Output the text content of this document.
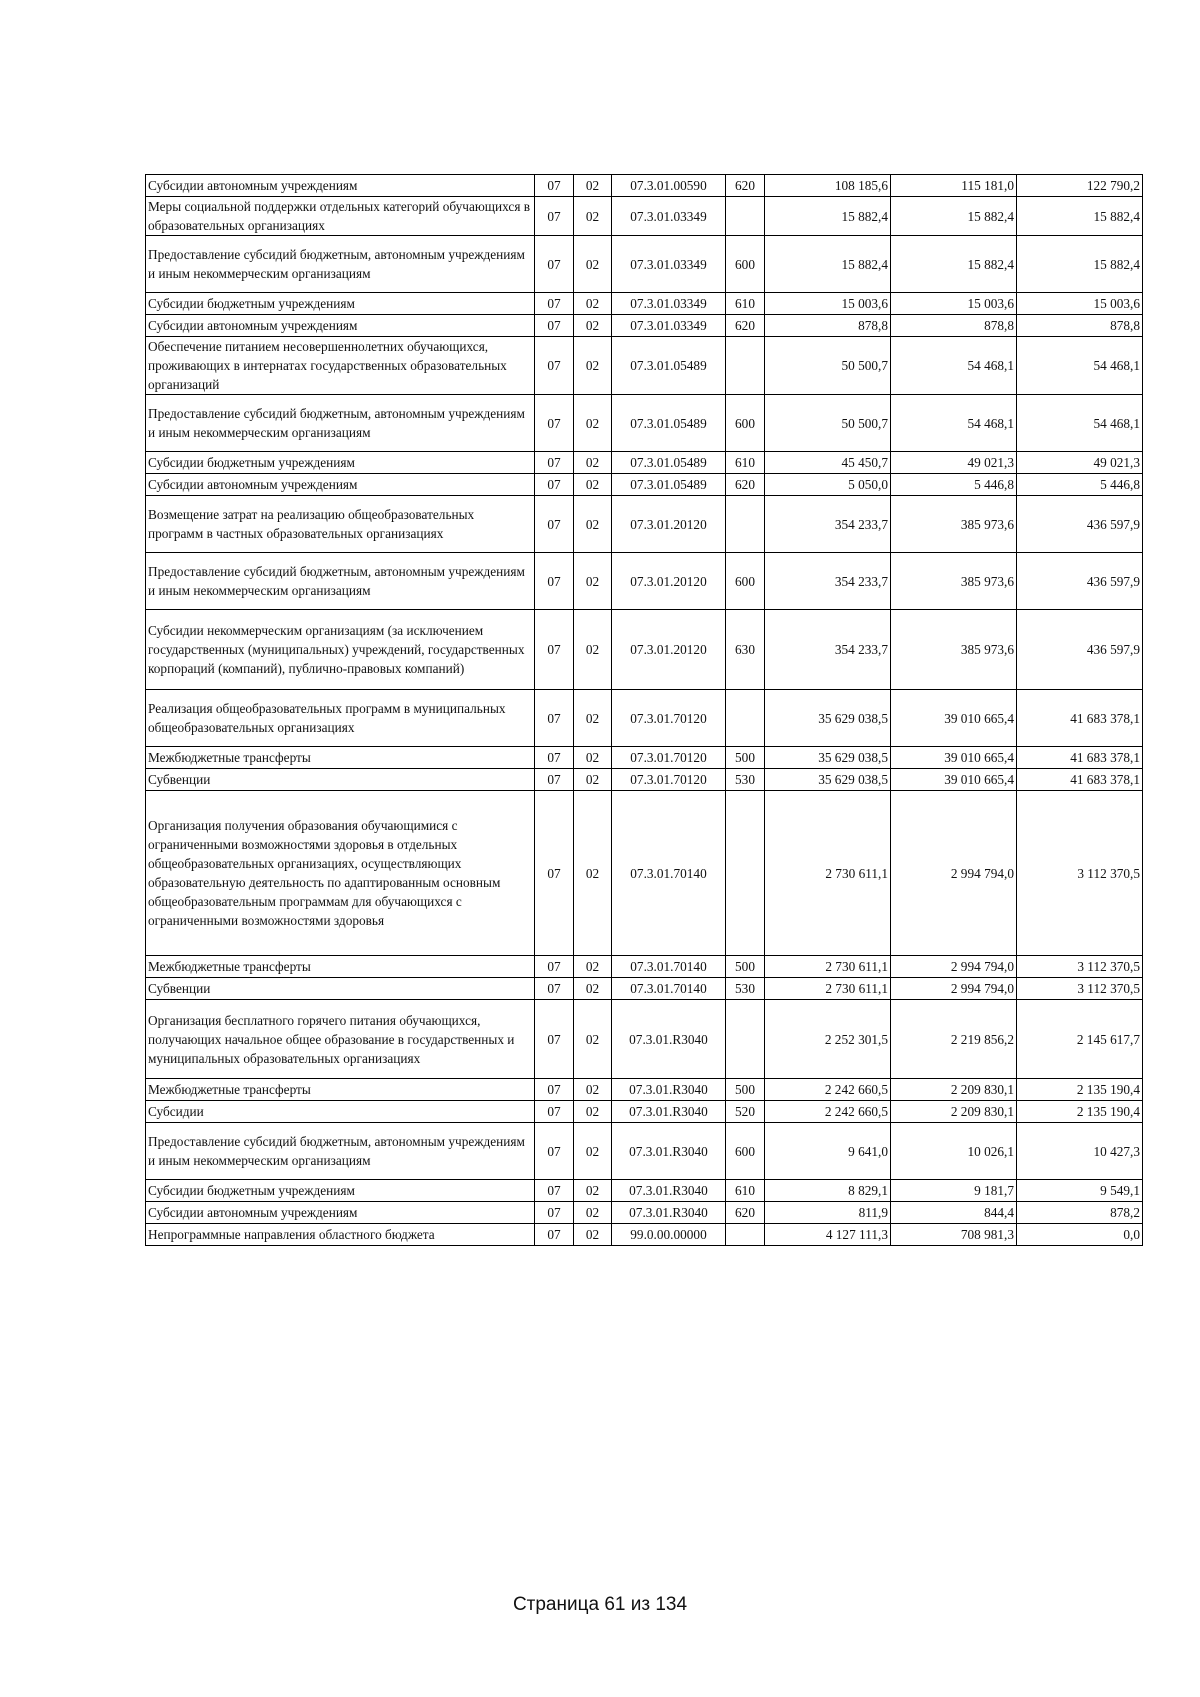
Субсидии автономным учреждениям	07	02	07.3.01.00590	620	108 185,6	115 181,0	122 790,2
Меры социальной поддержки отдельных категорий обучающихся в образовательных организациях	07	02	07.3.01.03349		15 882,4	15 882,4	15 882,4
Предоставление субсидий бюджетным, автономным учреждениям и иным некоммерческим организациям	07	02	07.3.01.03349	600	15 882,4	15 882,4	15 882,4
Субсидии бюджетным учреждениям	07	02	07.3.01.03349	610	15 003,6	15 003,6	15 003,6
Субсидии автономным учреждениям	07	02	07.3.01.03349	620	878,8	878,8	878,8
Обеспечение питанием несовершеннолетних обучающихся, проживающих в интернатах государственных образовательных организаций	07	02	07.3.01.05489		50 500,7	54 468,1	54 468,1
Предоставление субсидий бюджетным, автономным учреждениям и иным некоммерческим организациям	07	02	07.3.01.05489	600	50 500,7	54 468,1	54 468,1
Субсидии бюджетным учреждениям	07	02	07.3.01.05489	610	45 450,7	49 021,3	49 021,3
Субсидии автономным учреждениям	07	02	07.3.01.05489	620	5 050,0	5 446,8	5 446,8
Возмещение затрат на реализацию общеобразовательных программ в частных образовательных организациях	07	02	07.3.01.20120		354 233,7	385 973,6	436 597,9
Предоставление субсидий бюджетным, автономным учреждениям и иным некоммерческим организациям	07	02	07.3.01.20120	600	354 233,7	385 973,6	436 597,9
Субсидии некоммерческим организациям (за исключением государственных (муниципальных) учреждений, государственных корпораций (компаний), публично-правовых компаний)	07	02	07.3.01.20120	630	354 233,7	385 973,6	436 597,9
Реализация общеобразовательных программ в муниципальных общеобразовательных организациях	07	02	07.3.01.70120		35 629 038,5	39 010 665,4	41 683 378,1
Межбюджетные трансферты	07	02	07.3.01.70120	500	35 629 038,5	39 010 665,4	41 683 378,1
Субвенции	07	02	07.3.01.70120	530	35 629 038,5	39 010 665,4	41 683 378,1
Организация получения образования обучающимися с ограниченными возможностями здоровья в отдельных общеобразовательных организациях, осуществляющих образовательную деятельность по адаптированным основным общеобразовательным программам для обучающихся с ограниченными возможностями здоровья	07	02	07.3.01.70140		2 730 611,1	2 994 794,0	3 112 370,5
Межбюджетные трансферты	07	02	07.3.01.70140	500	2 730 611,1	2 994 794,0	3 112 370,5
Субвенции	07	02	07.3.01.70140	530	2 730 611,1	2 994 794,0	3 112 370,5
Организация бесплатного горячего питания обучающихся, получающих начальное общее образование в государственных и муниципальных образовательных организациях	07	02	07.3.01.R3040		2 252 301,5	2 219 856,2	2 145 617,7
Межбюджетные трансферты	07	02	07.3.01.R3040	500	2 242 660,5	2 209 830,1	2 135 190,4
Субсидии	07	02	07.3.01.R3040	520	2 242 660,5	2 209 830,1	2 135 190,4
Предоставление субсидий бюджетным, автономным учреждениям и иным некоммерческим организациям	07	02	07.3.01.R3040	600	9 641,0	10 026,1	10 427,3
Субсидии бюджетным учреждениям	07	02	07.3.01.R3040	610	8 829,1	9 181,7	9 549,1
Субсидии автономным учреждениям	07	02	07.3.01.R3040	620	811,9	844,4	878,2
Непрограммные направления областного бюджета	07	02	99.0.00.00000		4 127 111,3	708 981,3	0,0
Страница 61 из 134
